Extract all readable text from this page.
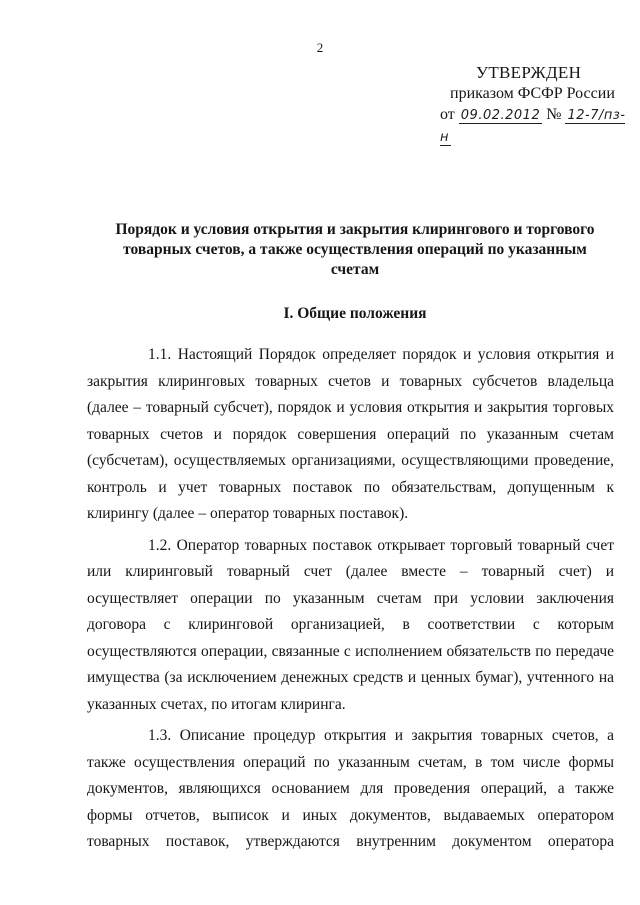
2
УТВЕРЖДЕН
приказом ФСФР России
от 09.02.2012 № 12-7/пз-н
Порядок и условия открытия и закрытия клирингового и торгового
товарных счетов, а также осуществления операций по указанным
счетам
I. Общие положения

1.1. Настоящий Порядок определяет порядок и условия открытия и закрытия клиринговых товарных счетов и товарных субсчетов владельца (далее – товарный субсчет), порядок и условия открытия и закрытия торговых товарных счетов и порядок совершения операций по указанным счетам (субсчетам), осуществляемых организациями, осуществляющими проведение, контроль и учет товарных поставок по обязательствам, допущенным к клирингу (далее – оператор товарных поставок).

1.2. Оператор товарных поставок открывает торговый товарный счет или клиринговый товарный счет (далее вместе – товарный счет) и осуществляет операции по указанным счетам при условии заключения договора с клиринговой организацией, в соответствии с которым осуществляются операции, связанные с исполнением обязательств по передаче имущества (за исключением денежных средств и ценных бумаг), учтенного на указанных счетах, по итогам клиринга.

1.3. Описание процедур открытия и закрытия товарных счетов, а также осуществления операций по указанным счетам, в том числе формы документов, являющихся основанием для проведения операций, а также формы отчетов, выписок и иных документов, выдаваемых оператором товарных поставок, утверждаются внутренним документом оператора
